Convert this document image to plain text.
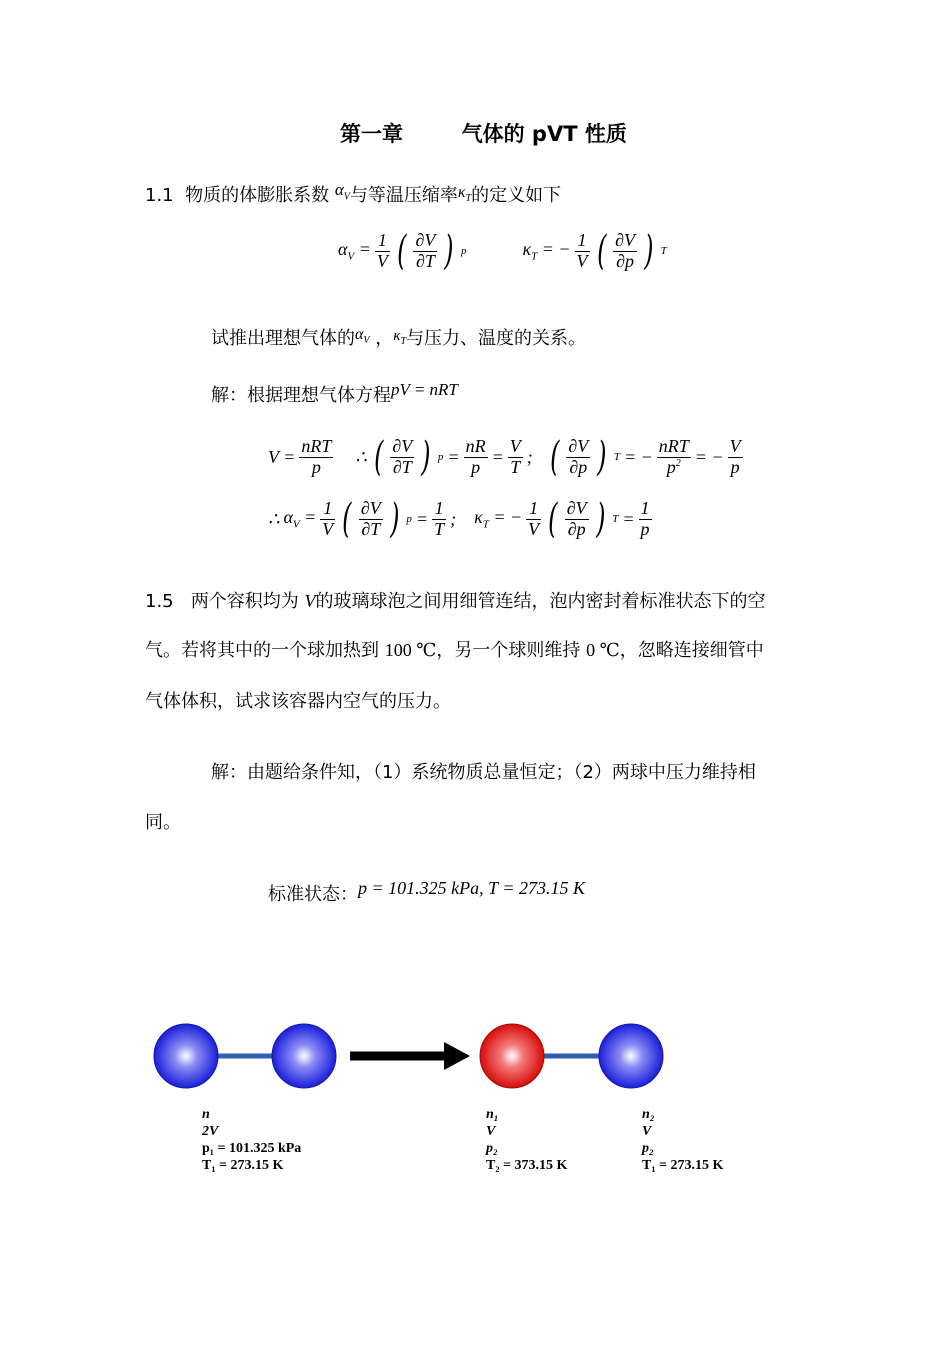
第一章	气体的 pVT 性质
1.1 物质的体膨胀系数 $\alpha_V$与等温压缩率$\kappa_T$的定义如下
$\alpha_V = \frac{1}{V}$ ( $\frac{\partial V}{\partial T}$ ) p	$\kappa_T$ = − $\frac{1}{V}$ ( $\frac{\partial V}{\partial p}$ ) T
试推出理想气体的$\alpha_V$ ，$^{\kappa_T}$与压力、温度的关系。
解：根据理想气体方程pV = nRT
$V = \frac{\text{nRT}}{p}$ ∴ ( $\frac{\partial V}{\partial T}$ ) $p = \frac{nR}{p} = \frac{V}{T}$ ; ( $\frac{\partial V}{\partial p}$ ) T = − $\frac{\text{nRT}}{p^2}$ = − $\frac{V}{p}$
∴ $\alpha_V = \frac{1}{V}$ ( $\frac{\partial V}{\partial T}$ ) $p = \frac{1}{T}$ ; $\kappa_T$ = − $\frac{1}{V}$ ( $\frac{\partial V}{\partial p}$ ) $T = \frac{1}{p}$
1.5 两个容积均为 V的玻璃球泡之间用细管连结，泡内密封着标准状态下的空
气。若将其中的一个球加热到 100 ℃，另一个球则维持 0 ℃，忽略连接细管中
气体体积，试求该容器内空气的压力。
解：由题给条件知，（1）系统物质总量恒定；（2）两球中压力维持相
同。
标准状态：p = 101.325 kPa, T = 273.15 K
n
2V
p₁ = 101.325 kPa
T₁ = 273.15 K
n₁
V
p₂
T₂ = 373.15 K
n₂
V
p₂
T₁ = 273.15 K
